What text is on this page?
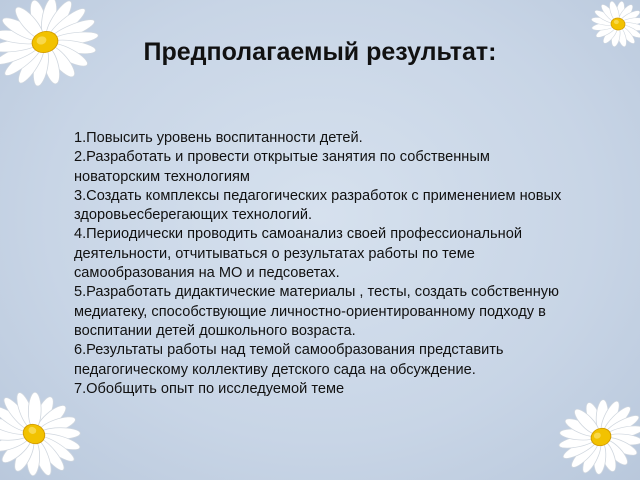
Предполагаемый результат:
1.Повысить уровень воспитанности детей.
2.Разработать и провести открытые занятия по собственным новаторским технологиям
3.Создать комплексы педагогических разработок с применением новых здоровьесберегающих технологий.
4.Периодически проводить самоанализ своей профессиональной деятельности, отчитываться о результатах работы по теме самообразования на МО и педсоветах.
5.Разработать дидактические материалы , тесты, создать собственную медиатеку, способствующие личностно-ориентированному подходу в воспитании детей дошкольного возраста.
6.Результаты работы над темой самообразования представить педагогическому коллективу детского сада на обсуждение.
7.Обобщить опыт по исследуемой теме
